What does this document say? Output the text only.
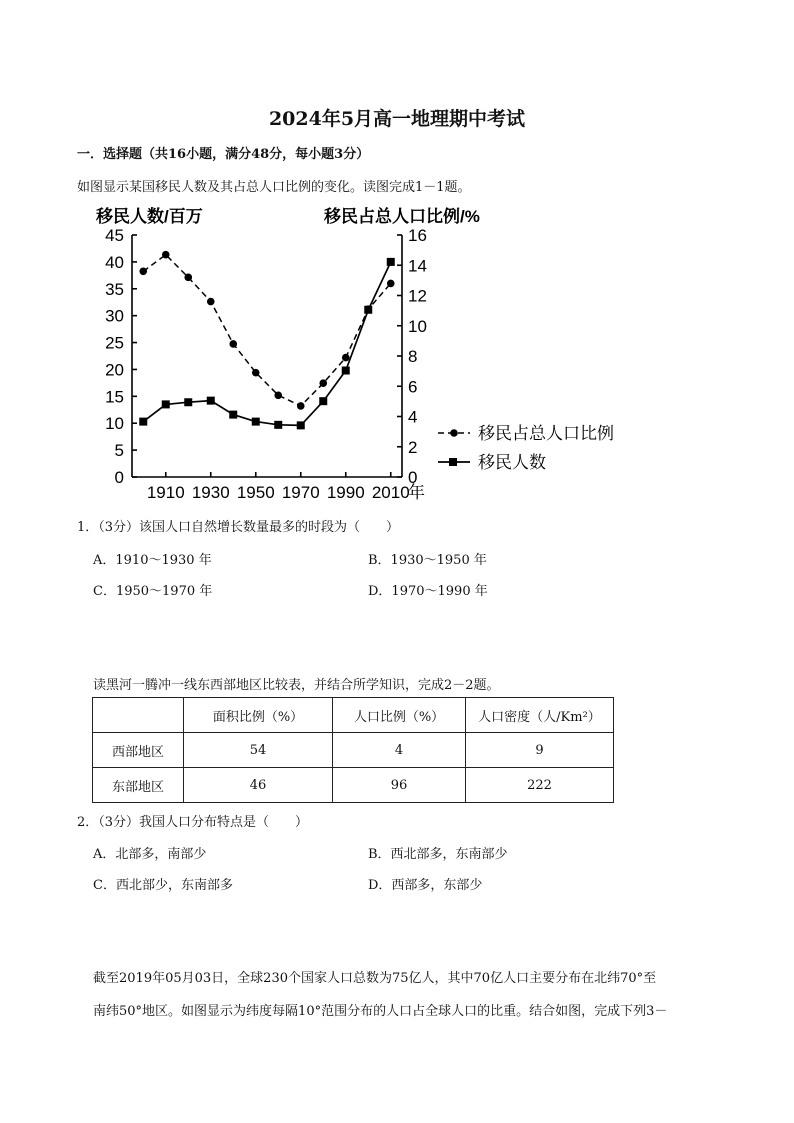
2024年5月高一地理期中考试
一．选择题（共16小题，满分48分，每小题3分）
如图显示某国移民人数及其占总人口比例的变化。读图完成1－1题。
0
5
10
15
20
25
30
35
40
45
0
2
4
6
8
10
12
14
16
1910 1930 1950 1970 1990 2010
年
移民人数/百万	移民占总人口比例/%
1．（3分）该国人口自然增长数量最多的时段为（　　）
A．1910～1930 年	B．1930～1950 年
C．1950～1970 年	D．1970～1990 年
读黑河一腾冲一线东西部地区比较表，并结合所学知识，完成2－2题。
	面积比例（%）	人口比例（%）	人口密度（人/Km²）
西部地区	54	4	9
东部地区	46	96	222
2．（3分）我国人口分布特点是（　　）
A．北部多，南部少	B．西北部多，东南部少
C．西北部少，东南部多	D．西部多，东部少
截至2019年05月03日，全球230个国家人口总数为75亿人，其中70亿人口主要分布在北纬70°至
南纬50°地区。如图显示为纬度每隔10°范围分布的人口占全球人口的比重。结合如图，完成下列3－
移民占总人口比例
移民人数
